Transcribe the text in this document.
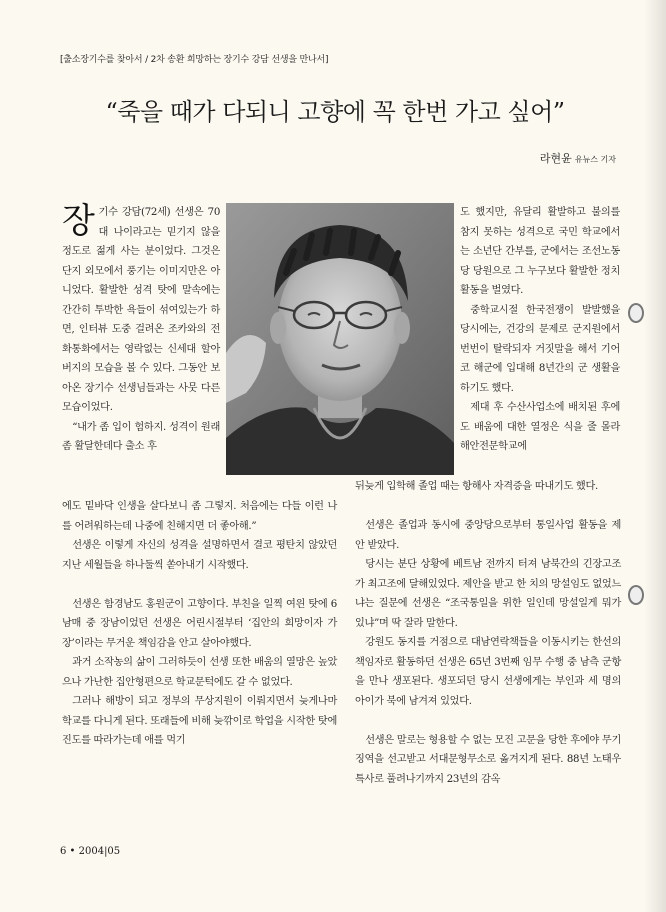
[출소장기수를 찾아서 / 2차 송환 희망하는 장기수 강담 선생을 만나서]
“죽을 때가 다되니 고향에 꼭 한번 가고 싶어”
라현윤 유뉴스 기자

장기수 강담(72세) 선생은 70대 나이라고는 믿기지 않을 정도로 젊게 사는 분이었다. 그것은 단지 외모에서 풍기는 이미지만은 아니었다. 활발한 성격 탓에 말속에는 간간히 투박한 욕들이 섞여있는가 하면, 인터뷰 도중 걸려온 조카와의 전화통화에서는 영락없는 신세대 할아버지의 모습을 볼 수 있다. 그동안 보아온 장기수 선생님들과는 사뭇 다른 모습이었다.

“내가 좀 입이 험하지. 성격이 원래 좀 활달한데다 출소 후

에도 밑바닥 인생을 살다보니 좀 그렇지. 처음에는 다들 이런 나를 어려워하는데 나중에 친해지면 더 좋아해.”

선생은 이렇게 자신의 성격을 설명하면서 결코 평탄치 않았던 지난 세월들을 하나둘씩 쏟아내기 시작했다.

선생은 함경남도 홍원군이 고향이다. 부친을 일찍 여읜 탓에 6남매 중 장남이었던 선생은 어린시절부터 ‘집안의 희망이자 가장’이라는 무거운 책임감을 안고 살아야했다.

과거 소작농의 삶이 그러하듯이 선생 또한 배움의 열망은 높았으나 가난한 집안형편으로 학교문턱에도 갈 수 없었다.

그러나 해방이 되고 정부의 무상지원이 이뤄지면서 늦게나마 학교를 다니게 된다. 또래들에 비해 늦깎이로 학업을 시작한 탓에 진도를 따라가는데 애를 먹기

도 했지만, 유달리 활발하고 불의를 참지 못하는 성격으로 국민 학교에서는 소년단 간부를, 군에서는 조선노동당 당원으로 그 누구보다 활발한 정치활동을 벌였다.

중학교시절 한국전쟁이 발발했을 당시에는, 건강의 문제로 군지원에서 번번이 탈락되자 거짓말을 해서 기어코 해군에 입대해 8년간의 군 생활을 하기도 했다.

제대 후 수산사업소에 배치된 후에도 배움에 대한 열정은 식을 줄 몰라 해안전문학교에

뒤늦게 입학해 졸업 때는 항해사 자격증을 따내기도 했다.

선생은 졸업과 동시에 중앙당으로부터 통일사업 활동을 제안 받았다.

당시는 분단 상황에 베트남 전까지 터져 남북간의 긴장고조가 최고조에 달해있었다. 제안을 받고 한 치의 망설임도 없었느냐는 질문에 선생은 “조국통일을 위한 일인데 망설일게 뭐가 있냐”며 딱 잘라 말한다.

강원도 동지를 거점으로 대남연락책들을 이동시키는 한선의 책임자로 활동하던 선생은 65년 3번째 임무 수행 중 남측 군항을 만나 생포된다. 생포되던 당시 선생에게는 부인과 세 명의 아이가 북에 남겨져 있었다.

선생은 말로는 형용할 수 없는 모진 고문을 당한 후에야 무기징역을 선고받고 서대문형무소로 옮겨지게 된다. 88년 노태우 특사로 풀려나기까지 23년의 감옥

6 • 2004|05
